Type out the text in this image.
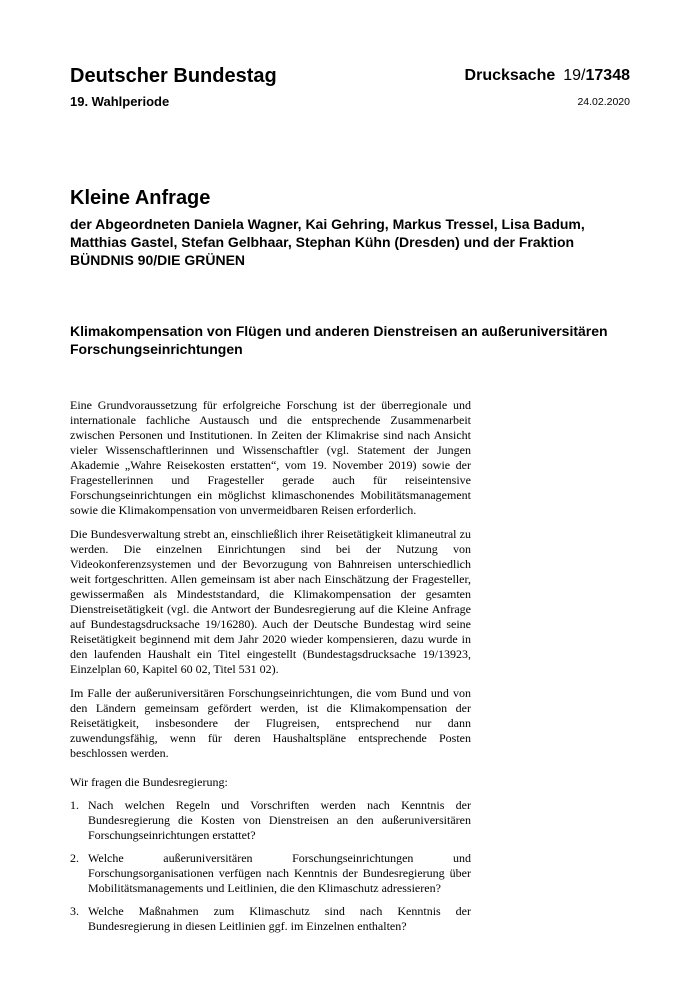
Deutscher Bundestag
19. Wahlperiode
Drucksache 19/17348
24.02.2020
Kleine Anfrage
der Abgeordneten Daniela Wagner, Kai Gehring, Markus Tressel, Lisa Badum, Matthias Gastel, Stefan Gelbhaar, Stephan Kühn (Dresden) und der Fraktion BÜNDNIS 90/DIE GRÜNEN
Klimakompensation von Flügen und anderen Dienstreisen an außeruniversitären Forschungseinrichtungen

Eine Grundvoraussetzung für erfolgreiche Forschung ist der überregionale und internationale fachliche Austausch und die entsprechende Zusammenarbeit zwischen Personen und Institutionen. In Zeiten der Klimakrise sind nach Ansicht vieler Wissenschaftlerinnen und Wissenschaftler (vgl. Statement der Jungen Akademie „Wahre Reisekosten erstatten“, vom 19. November 2019) sowie der Fragestellerinnen und Fragesteller gerade auch für reiseintensive Forschungseinrichtungen ein möglichst klimaschonendes Mobilitätsmanagement sowie die Klimakompensation von unvermeidbaren Reisen erforderlich.

Die Bundesverwaltung strebt an, einschließlich ihrer Reisetätigkeit klimaneutral zu werden. Die einzelnen Einrichtungen sind bei der Nutzung von Videokonferenzsystemen und der Bevorzugung von Bahnreisen unterschiedlich weit fortgeschritten. Allen gemeinsam ist aber nach Einschätzung der Fragesteller, gewissermaßen als Mindeststandard, die Klimakompensation der gesamten Dienstreisetätigkeit (vgl. die Antwort der Bundesregierung auf die Kleine Anfrage auf Bundestagsdrucksache 19/16280). Auch der Deutsche Bundestag wird seine Reisetätigkeit beginnend mit dem Jahr 2020 wieder kompensieren, dazu wurde in den laufenden Haushalt ein Titel eingestellt (Bundestagsdrucksache 19/13923, Einzelplan 60, Kapitel 60 02, Titel 531 02).

Im Falle der außeruniversitären Forschungseinrichtungen, die vom Bund und von den Ländern gemeinsam gefördert werden, ist die Klimakompensation der Reisetätigkeit, insbesondere der Flugreisen, entsprechend nur dann zuwendungsfähig, wenn für deren Haushaltspläne entsprechende Posten beschlossen werden.

Wir fragen die Bundesregierung:

1. Nach welchen Regeln und Vorschriften werden nach Kenntnis der Bundesregierung die Kosten von Dienstreisen an den außeruniversitären Forschungseinrichtungen erstattet?
2. Welche außeruniversitären Forschungseinrichtungen und Forschungsorganisationen verfügen nach Kenntnis der Bundesregierung über Mobilitätsmanagements und Leitlinien, die den Klimaschutz adressieren?
3. Welche Maßnahmen zum Klimaschutz sind nach Kenntnis der Bundesregierung in diesen Leitlinien ggf. im Einzelnen enthalten?
